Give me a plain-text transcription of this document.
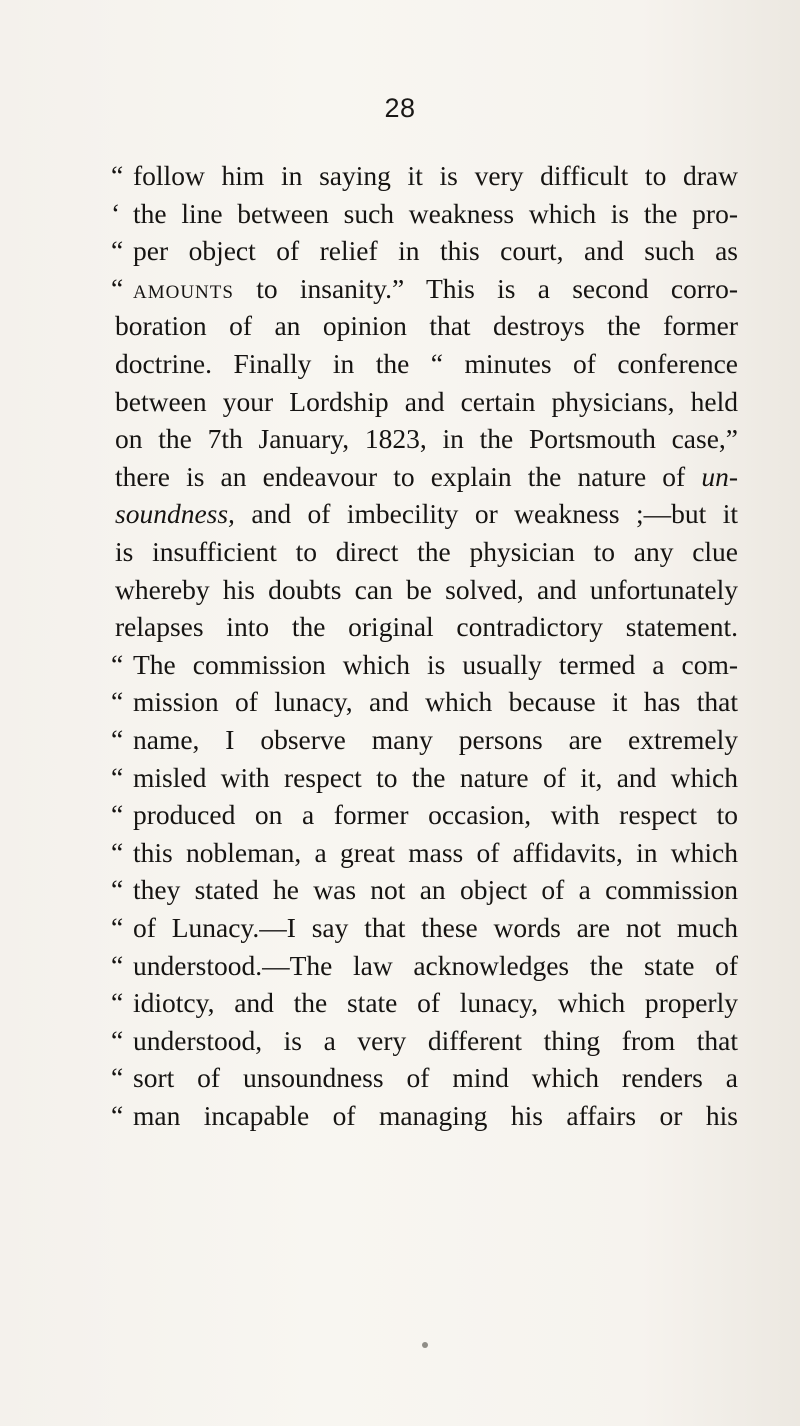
28
“ follow him in saying it is very difficult to draw
‘ the line between such weakness which is the pro-
“ per object of relief in this court, and such as
“ amounts to insanity.” This is a second corro-
boration of an opinion that destroys the former
doctrine. Finally in the “ minutes of conference
between your Lordship and certain physicians, held
on the 7th January, 1823, in the Portsmouth case,”
there is an endeavour to explain the nature of un-
soundness, and of imbecility or weakness ;—but it
is insufficient to direct the physician to any clue
whereby his doubts can be solved, and unfortunately
relapses into the original contradictory statement.
“ The commission which is usually termed a com-
“ mission of lunacy, and which because it has that
“ name, I observe many persons are extremely
“ misled with respect to the nature of it, and which
“ produced on a former occasion, with respect to
“ this nobleman, a great mass of affidavits, in which
“ they stated he was not an object of a commission
“ of Lunacy.—I say that these words are not much
“ understood.—The law acknowledges the state of
“ idiotcy, and the state of lunacy, which properly
“ understood, is a very different thing from that
“ sort of unsoundness of mind which renders a
“ man incapable of managing his affairs or his
